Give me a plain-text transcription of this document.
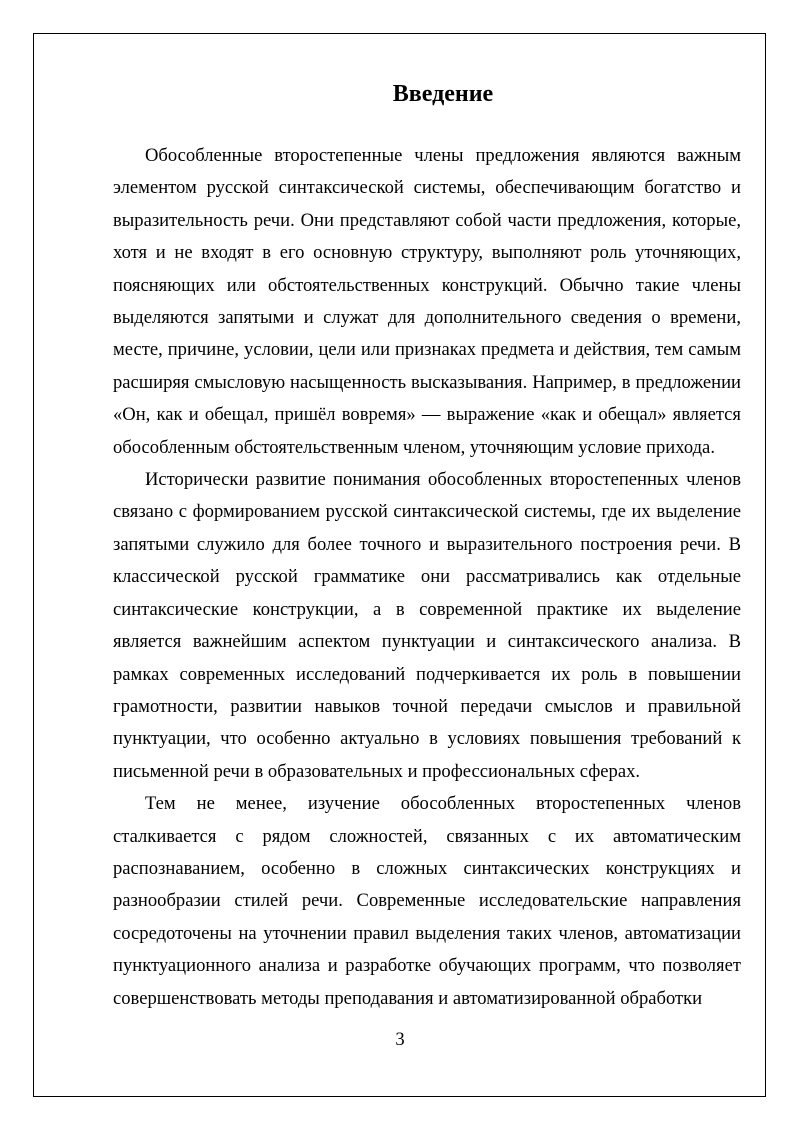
Введение

Обособленные второстепенные члены предложения являются важным элементом русской синтаксической системы, обеспечивающим богатство и выразительность речи. Они представляют собой части предложения, которые, хотя и не входят в его основную структуру, выполняют роль уточняющих, поясняющих или обстоятельственных конструкций. Обычно такие члены выделяются запятыми и служат для дополнительного сведения о времени, месте, причине, условии, цели или признаках предмета и действия, тем самым расширяя смысловую насыщенность высказывания. Например, в предложении «Он, как и обещал, пришёл вовремя» — выражение «как и обещал» является обособленным обстоятельственным членом, уточняющим условие прихода.

Исторически развитие понимания обособленных второстепенных членов связано с формированием русской синтаксической системы, где их выделение запятыми служило для более точного и выразительного построения речи. В классической русской грамматике они рассматривались как отдельные синтаксические конструкции, а в современной практике их выделение является важнейшим аспектом пунктуации и синтаксического анализа. В рамках современных исследований подчеркивается их роль в повышении грамотности, развитии навыков точной передачи смыслов и правильной пунктуации, что особенно актуально в условиях повышения требований к письменной речи в образовательных и профессиональных сферах.

Тем не менее, изучение обособленных второстепенных членов сталкивается с рядом сложностей, связанных с их автоматическим распознаванием, особенно в сложных синтаксических конструкциях и разнообразии стилей речи. Современные исследовательские направления сосредоточены на уточнении правил выделения таких членов, автоматизации пунктуационного анализа и разработке обучающих программ, что позволяет совершенствовать методы преподавания и автоматизированной обработки

3
